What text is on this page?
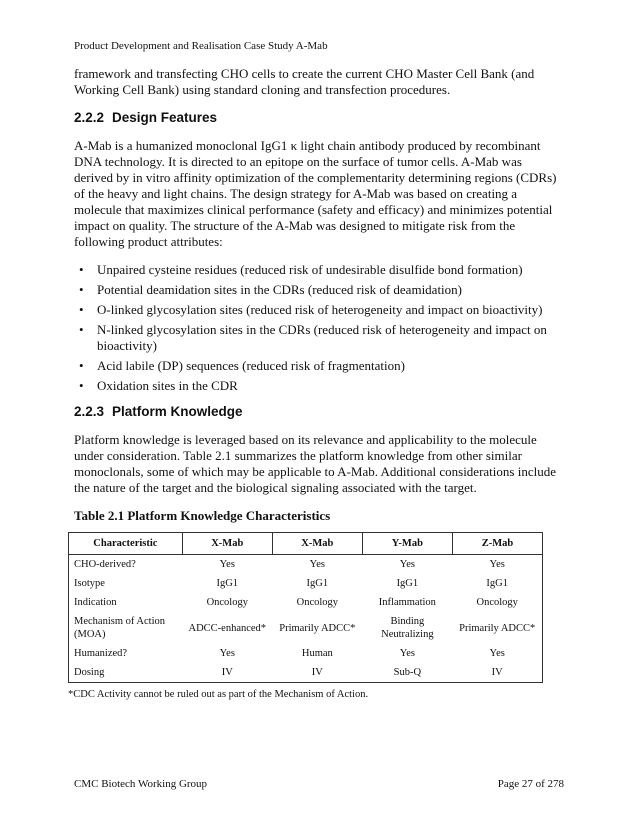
Product Development and Realisation Case Study A-Mab

framework and transfecting CHO cells to create the current CHO Master Cell Bank (and Working Cell Bank) using standard cloning and transfection procedures.

2.2.2 Design Features

A-Mab is a humanized monoclonal IgG1 κ light chain antibody produced by recombinant DNA technology. It is directed to an epitope on the surface of tumor cells. A-Mab was derived by in vitro affinity optimization of the complementarity determining regions (CDRs) of the heavy and light chains. The design strategy for A-Mab was based on creating a molecule that maximizes clinical performance (safety and efficacy) and minimizes potential impact on quality. The structure of the A-Mab was designed to mitigate risk from the following product attributes:

• Unpaired cysteine residues (reduced risk of undesirable disulfide bond formation)
• Potential deamidation sites in the CDRs (reduced risk of deamidation)
• O-linked glycosylation sites (reduced risk of heterogeneity and impact on bioactivity)
• N-linked glycosylation sites in the CDRs (reduced risk of heterogeneity and impact on bioactivity)
• Acid labile (DP) sequences (reduced risk of fragmentation)
• Oxidation sites in the CDR
2.2.3 Platform Knowledge

Platform knowledge is leveraged based on its relevance and applicability to the molecule under consideration. Table 2.1 summarizes the platform knowledge from other similar monoclonals, some of which may be applicable to A-Mab. Additional considerations include the nature of the target and the biological signaling associated with the target.

Table 2.1 Platform Knowledge Characteristics
Characteristic	X-Mab	X-Mab	Y-Mab	Z-Mab
CHO-derived?	Yes	Yes	Yes	Yes
Isotype	IgG1	IgG1	IgG1	IgG1
Indication	Oncology	Oncology	Inflammation	Oncology
Mechanism of Action (MOA)	ADCC-enhanced*	Primarily ADCC*	Binding Neutralizing	Primarily ADCC*
Humanized?	Yes	Human	Yes	Yes
Dosing	IV	IV	Sub-Q	IV
*CDC Activity cannot be ruled out as part of the Mechanism of Action.
CMC Biotech Working Group	Page 27 of 278
